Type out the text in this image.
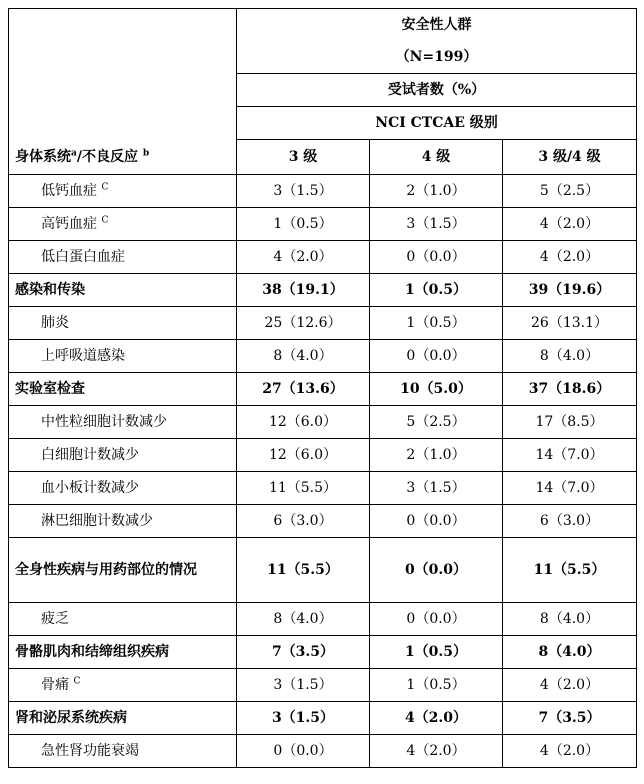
身体系统$^a$/不良反应 $^b$	安全性人群		
	（N=199）		
	受试者数（%）		
	NCI CTCAE 级别		
	3 级	4 级	3 级/4 级
低钙血症 $^C$	3（1.5）	2（1.0）	5（2.5）
高钙血症 $^C$	1（0.5）	3（1.5）	4（2.0）
低白蛋白血症	4（2.0）	0（0.0）	4（2.0）
感染和传染	38（19.1）	1（0.5）	39（19.6）
肺炎	25（12.6）	1（0.5）	26（13.1）
上呼吸道感染	8（4.0）	0（0.0）	8（4.0）
实验室检查	27（13.6）	10（5.0）	37（18.6）
中性粒细胞计数减少	12（6.0）	5（2.5）	17（8.5）
白细胞计数减少	12（6.0）	2（1.0）	14（7.0）
血小板计数减少	11（5.5）	3（1.5）	14（7.0）
淋巴细胞计数减少	6（3.0）	0（0.0）	6（3.0）
全身性疾病与用药部位的情况	11（5.5）	0（0.0）	11（5.5）
疲乏	8（4.0）	0（0.0）	8（4.0）
骨骼肌肉和结缔组织疾病	7（3.5）	1（0.5）	8（4.0）
骨痛 $^C$	3（1.5）	1（0.5）	4（2.0）
肾和泌尿系统疾病	3（1.5）	4（2.0）	7（3.5）
急性肾功能衰竭	0（0.0）	4（2.0）	4（2.0）
